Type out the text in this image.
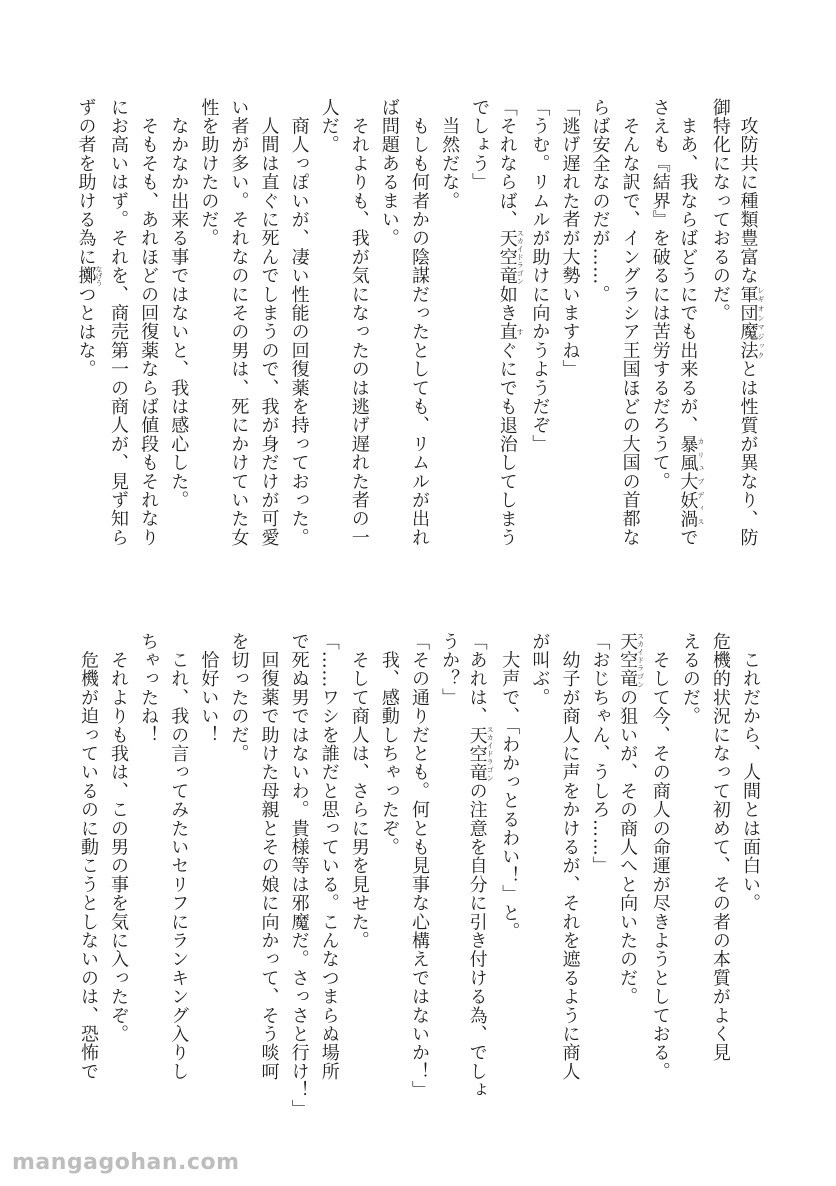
　攻防共に種類豊富な軍団魔法レギオンマジックとは性質が異なり、防
御特化になっておるのだ。
　まあ、我ならばどうにでも出来るが、暴風大妖渦カリュブディスで
さえも『結界』を破るには苦労するだろうて。
　そんな訳で、イングラシア王国ほどの大国の首都な
らば安全なのだが……。
「逃げ遅れた者が大勢いますね」
「うむ。リムルが助けに向かうようだぞ」
「それならば、天空竜スカイドラゴン如き直すぐにでも退治してしまう
でしょう」
　当然だな。
　もしも何者かの陰謀だったとしても、リムルが出れ
ば問題あるまい。
　それよりも、我が気になったのは逃げ遅れた者の一
人だ。
　商人っぽいが、凄い性能の回復薬を持っておった。
　人間は直ぐに死んでしまうので、我が身だけが可愛
い者が多い。それなのにその男は、死にかけていた女
性を助けたのだ。
　なかなか出来る事ではないと、我は感心した。
　そもそも、あれほどの回復薬ならば値段もそれなり
にお高いはず。それを、商売第一の商人が、見ず知ら
ずの者を助ける為に擲なげうつとはな。
　これだから、人間とは面白い。
危機的状況になって初めて、その者の本質がよく見
えるのだ。
　そして今、その商人の命運が尽きようとしておる。
天空竜スカイドラゴンの狙いが、その商人へと向いたのだ。
「おじちゃん、うしろ……」
　幼子が商人に声をかけるが、それを遮るように商人
が叫ぶ。
　大声で、「わかっとるわい！」と。
「あれは、天空竜スカイドラゴンの注意を自分に引き付ける為、でしょ
うか？」
「その通りだとも。何とも見事な心構えではないか！」
　我、感動しちゃったぞ。
　そして商人は、さらに男を見せた。
「……ワシを誰だと思っている。こんなつまらぬ場所
で死ぬ男ではないわ。貴様等は邪魔だ。さっさと行け！」
　回復薬で助けた母親とその娘に向かって、そう啖呵
を切ったのだ。
　恰好いい！
　これ、我の言ってみたいセリフにランキング入りし
ちゃったね！
　それよりも我は、この男の事を気に入ったぞ。
　危機が迫っているのに動こうとしないのは、恐怖で
mangagohan.com
